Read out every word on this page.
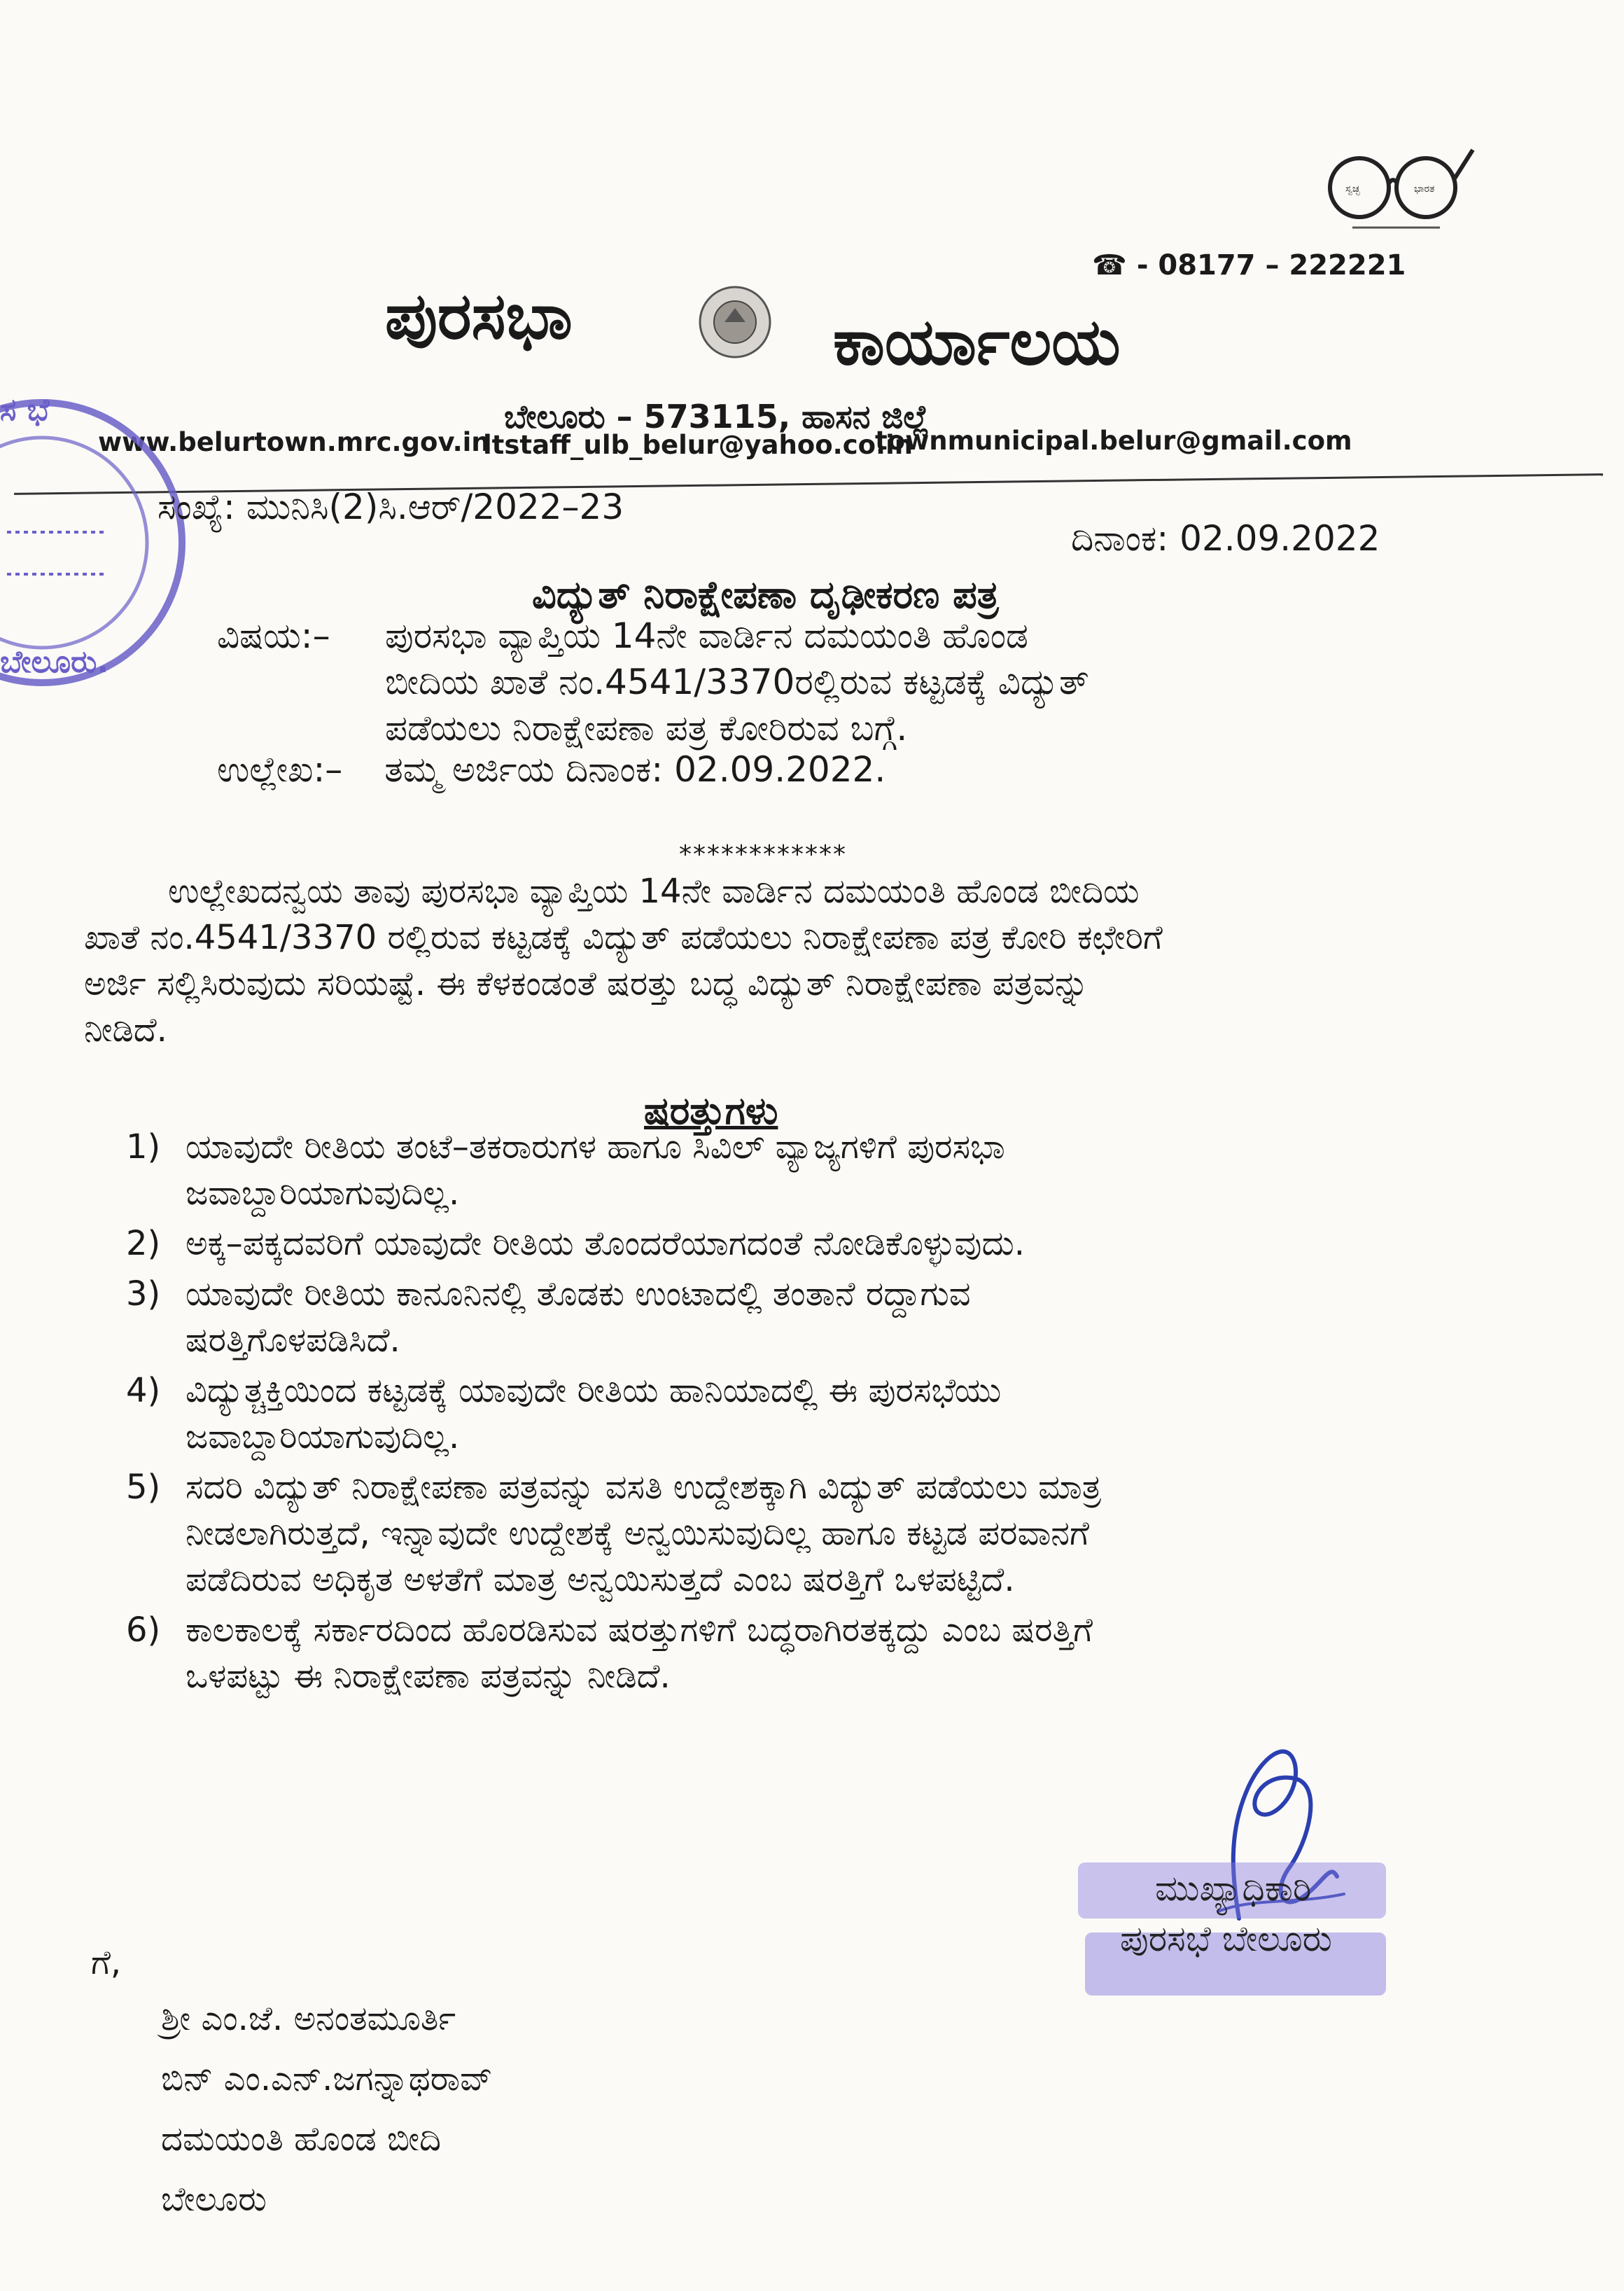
ಸ್ವಚ್ಛ	ಭಾರತ
☎ - 08177 – 222221
ಪುರಸಭಾ	ಕಾರ್ಯಾಲಯ
ಬೇಲೂರು – 573115, ಹಾಸನ ಜಿಲ್ಲೆ
www.belurtown.mrc.gov.in
ltstaff_ulb_belur@yahoo.co.in
townmunicipal.belur@gmail.com
ಸ ಭೆ
ಬೇಲೂರು.
ಸಂಖ್ಯೆ: ಮುನಿಸಿ(2)ಸಿ.ಆರ್/2022–23
ದಿನಾಂಕ: 02.09.2022
ವಿದ್ಯುತ್ ನಿರಾಕ್ಷೇಪಣಾ ದೃಢೀಕರಣ ಪತ್ರ
ವಿಷಯ:– ಪುರಸಭಾ ವ್ಯಾಪ್ತಿಯ 14ನೇ ವಾರ್ಡಿನ ದಮಯಂತಿ ಹೊಂಡ
ಬೀದಿಯ ಖಾತೆ ನಂ.4541/3370ರಲ್ಲಿರುವ ಕಟ್ಟಡಕ್ಕೆ ವಿದ್ಯುತ್
ಪಡೆಯಲು ನಿರಾಕ್ಷೇಪಣಾ ಪತ್ರ ಕೋರಿರುವ ಬಗ್ಗೆ.
ಉಲ್ಲೇಖ:– ತಮ್ಮ ಅರ್ಜಿಯ ದಿನಾಂಕ: 02.09.2022.
************
ಉಲ್ಲೇಖದನ್ವಯ ತಾವು ಪುರಸಭಾ ವ್ಯಾಪ್ತಿಯ 14ನೇ ವಾರ್ಡಿನ ದಮಯಂತಿ ಹೊಂಡ ಬೀದಿಯ
ಖಾತೆ ನಂ.4541/3370 ರಲ್ಲಿರುವ ಕಟ್ಟಡಕ್ಕೆ ವಿದ್ಯುತ್ ಪಡೆಯಲು ನಿರಾಕ್ಷೇಪಣಾ ಪತ್ರ ಕೋರಿ ಕಛೇರಿಗೆ
ಅರ್ಜಿ ಸಲ್ಲಿಸಿರುವುದು ಸರಿಯಷ್ಟೆ. ಈ ಕೆಳಕಂಡಂತೆ ಷರತ್ತು ಬದ್ಧ ವಿದ್ಯುತ್ ನಿರಾಕ್ಷೇಪಣಾ ಪತ್ರವನ್ನು
ನೀಡಿದೆ.
ಷರತ್ತುಗಳು
1) ಯಾವುದೇ ರೀತಿಯ ತಂಟೆ–ತಕರಾರುಗಳ ಹಾಗೂ ಸಿವಿಲ್ ವ್ಯಾಜ್ಯಗಳಿಗೆ ಪುರಸಭಾ
ಜವಾಬ್ದಾರಿಯಾಗುವುದಿಲ್ಲ.
2) ಅಕ್ಕ–ಪಕ್ಕದವರಿಗೆ ಯಾವುದೇ ರೀತಿಯ ತೊಂದರೆಯಾಗದಂತೆ ನೋಡಿಕೊಳ್ಳುವುದು.
3) ಯಾವುದೇ ರೀತಿಯ ಕಾನೂನಿನಲ್ಲಿ ತೊಡಕು ಉಂಟಾದಲ್ಲಿ ತಂತಾನೆ ರದ್ದಾಗುವ
ಷರತ್ತಿಗೊಳಪಡಿಸಿದೆ.
4) ವಿದ್ಯುತ್ಚಕ್ತಿಯಿಂದ ಕಟ್ಟಡಕ್ಕೆ ಯಾವುದೇ ರೀತಿಯ ಹಾನಿಯಾದಲ್ಲಿ ಈ ಪುರಸಭೆಯು
ಜವಾಬ್ದಾರಿಯಾಗುವುದಿಲ್ಲ.
5) ಸದರಿ ವಿದ್ಯುತ್ ನಿರಾಕ್ಷೇಪಣಾ ಪತ್ರವನ್ನು ವಸತಿ ಉದ್ದೇಶಕ್ಕಾಗಿ ವಿದ್ಯುತ್ ಪಡೆಯಲು ಮಾತ್ರ
ನೀಡಲಾಗಿರುತ್ತದೆ, ಇನ್ನಾವುದೇ ಉದ್ದೇಶಕ್ಕೆ ಅನ್ವಯಿಸುವುದಿಲ್ಲ ಹಾಗೂ ಕಟ್ಟಡ ಪರವಾನಗೆ
ಪಡೆದಿರುವ ಅಧಿಕೃತ ಅಳತೆಗೆ ಮಾತ್ರ ಅನ್ವಯಿಸುತ್ತದೆ ಎಂಬ ಷರತ್ತಿಗೆ ಒಳಪಟ್ಟಿದೆ.
6) ಕಾಲಕಾಲಕ್ಕೆ ಸರ್ಕಾರದಿಂದ ಹೊರಡಿಸುವ ಷರತ್ತುಗಳಿಗೆ ಬದ್ಧರಾಗಿರತಕ್ಕದ್ದು ಎಂಬ ಷರತ್ತಿಗೆ
ಒಳಪಟ್ಟು ಈ ನಿರಾಕ್ಷೇಪಣಾ ಪತ್ರವನ್ನು ನೀಡಿದೆ.
ಮುಖ್ಯಾಧಿಕಾರಿ
ಪುರಸಭೆ ಬೇಲೂರು
ಗೆ,
ಶ್ರೀ ಎಂ.ಜೆ. ಅನಂತಮೂರ್ತಿ
ಬಿನ್ ಎಂ.ಎನ್.ಜಗನ್ನಾಥರಾವ್
ದಮಯಂತಿ ಹೊಂಡ ಬೀದಿ
ಬೇಲೂರು
